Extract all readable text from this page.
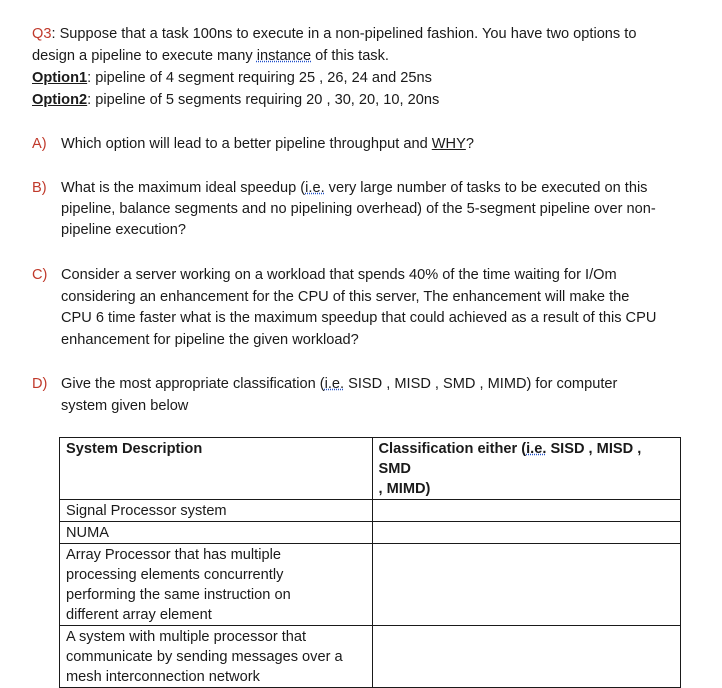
Q3: Suppose that a task 100ns to execute in a non-pipelined fashion. You have two options to
design a pipeline to execute many instance of this task.
Option1: pipeline of 4 segment requiring 25 , 26, 24 and 25ns
Option2: pipeline of 5 segments requiring 20 , 30, 20, 10, 20ns
A) Which option will lead to a better pipeline throughput and WHY?
B) What is the maximum ideal speedup (i.e. very large number of tasks to be executed on this
pipeline, balance segments and no pipelining overhead) of the 5-segment pipeline over non-
pipeline execution?
C) Consider a server working on a workload that spends 40% of the time waiting for I/Om
considering an enhancement for the CPU of this server, The enhancement will make the
CPU 6 time faster what is the maximum speedup that could achieved as a result of this CPU
enhancement for pipeline the given workload?
D) Give the most appropriate classification (i.e. SISD , MISD , SMD , MIMD) for computer
system given below
System Description	Classification either (i.e. SISD , MISD , SMD
, MIMD)

Signal Processor system	

NUMA	

Array Processor that has multiple
processing elements concurrently
performing the same instruction on
different array element	

A system with multiple processor that
communicate by sending messages over a
mesh interconnection network	
